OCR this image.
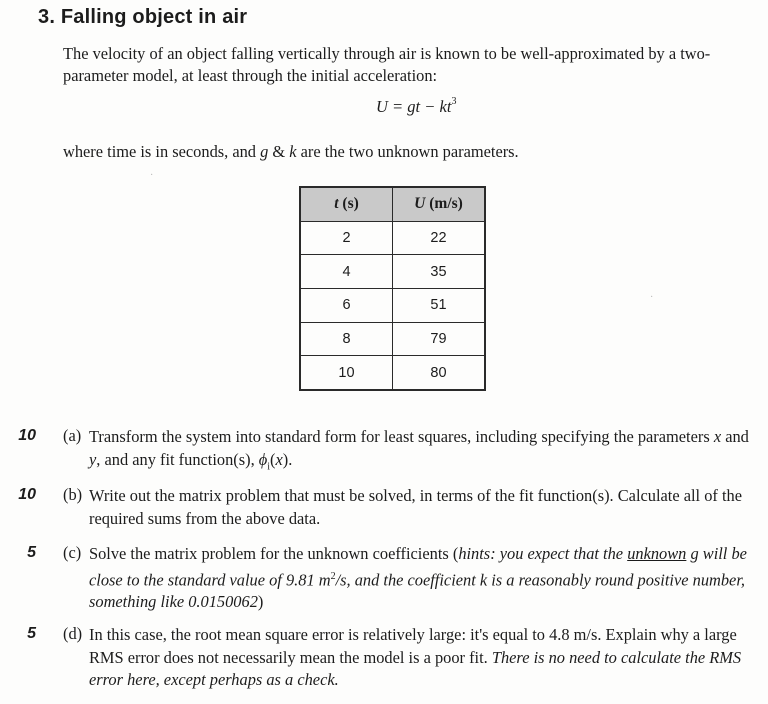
3. Falling object in air

The velocity of an object falling vertically through air is known to be well-approximated by a two-parameter model, at least through the initial acceleration:

U = gt − $kt^3$
where time is in seconds, and g & k are the two unknown parameters.
·
·
t (s)	U (m/s)
2	22
4	35
6	51
8	79
10	80
10 (a) Transform the system into standard form for least squares, including specifying the parameters x and y, and any fit function(s), $\phi_i(x)$.

10 (b) Write out the matrix problem that must be solved, in terms of the fit function(s). Calculate all of the required sums from the above data.

5 (c) Solve the matrix problem for the unknown coefficients (hints: you expect that the unknown g will be close to the standard value of 9.81 $m^2/s$, and the coefficient k is a reasonably round positive number, something like 0.0150062)

5 (d) In this case, the root mean square error is relatively large: it's equal to 4.8 m/s. Explain why a large RMS error does not necessarily mean the model is a poor fit. There is no need to calculate the RMS error here, except perhaps as a check.
